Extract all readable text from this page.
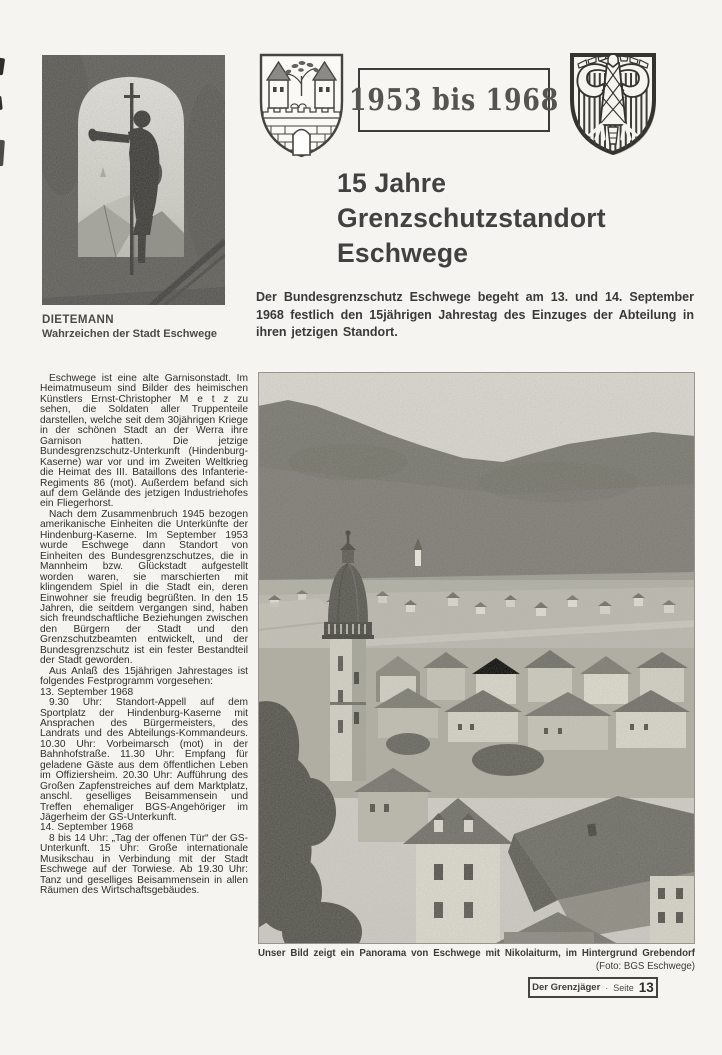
DIETEMANN
Wahrzeichen der Stadt Eschwege
1953 bis 1968
15 Jahre
Grenzschutzstandort
Eschwege

Der Bundesgrenzschutz Eschwege begeht am 13. und 14. September 1968 festlich den 15jährigen Jahrestag des Einzuges der Abteilung in ihren jetzigen Standort.

Eschwege ist eine alte Garnisonstadt. Im Heimatmuseum sind Bilder des heimischen Künstlers Ernst-Christopher M e t z zu sehen, die Soldaten aller Truppenteile darstellen, welche seit dem 30jährigen Kriege in der schönen Stadt an der Werra ihre Garnison hatten. Die jetzige Bundesgrenzschutz-Unterkunft (Hindenburg-Kaserne) war vor und im Zweiten Weltkrieg die Heimat des III. Bataillons des Infanterie-Regiments 86 (mot). Außerdem befand sich auf dem Gelände des jetzigen Industriehofes ein Fliegerhorst.

Nach dem Zusammenbruch 1945 bezogen amerikanische Einheiten die Unterkünfte der Hindenburg-Kaserne. Im September 1953 wurde Eschwege dann Standort von Einheiten des Bundesgrenzschutzes, die in Mannheim bzw. Glückstadt aufgestellt worden waren, sie marschierten mit klingendem Spiel in die Stadt ein, deren Einwohner sie freudig begrüßten. In den 15 Jahren, die seitdem vergangen sind, haben sich freundschaftliche Beziehungen zwischen den Bürgern der Stadt und den Grenzschutzbeamten entwickelt, und der Bundesgrenzschutz ist ein fester Bestandteil der Stadt geworden.

Aus Anlaß des 15jährigen Jahrestages ist folgendes Festprogramm vorgesehen:

13. September 1968

9.30 Uhr: Standort-Appell auf dem Sportplatz der Hindenburg-Kaserne mit Ansprachen des Bürgermeisters, des Landrats und des Abteilungs-Kommandeurs. 10.30 Uhr: Vorbeimarsch (mot) in der Bahnhofstraße. 11.30 Uhr: Empfang für geladene Gäste aus dem öffentlichen Leben im Offiziersheim. 20.30 Uhr: Aufführung des Großen Zapfenstreiches auf dem Marktplatz, anschl. geselliges Beisammensein und Treffen ehemaliger BGS-Angehöriger im Jägerheim der GS-Unterkunft.

14. September 1968

8 bis 14 Uhr: „Tag der offenen Tür“ der GS-Unterkunft. 15 Uhr: Große internationale Musikschau in Verbindung mit der Stadt Eschwege auf der Torwiese. Ab 19.30 Uhr: Tanz und geselliges Beisammensein in allen Räumen des Wirtschaftsgebäudes.

Unser Bild zeigt ein Panorama von Eschwege mit Nikolaiturm, im Hintergrund Grebendorf
(Foto: BGS Eschwege)
Der Grenzjäger · Seite 13
